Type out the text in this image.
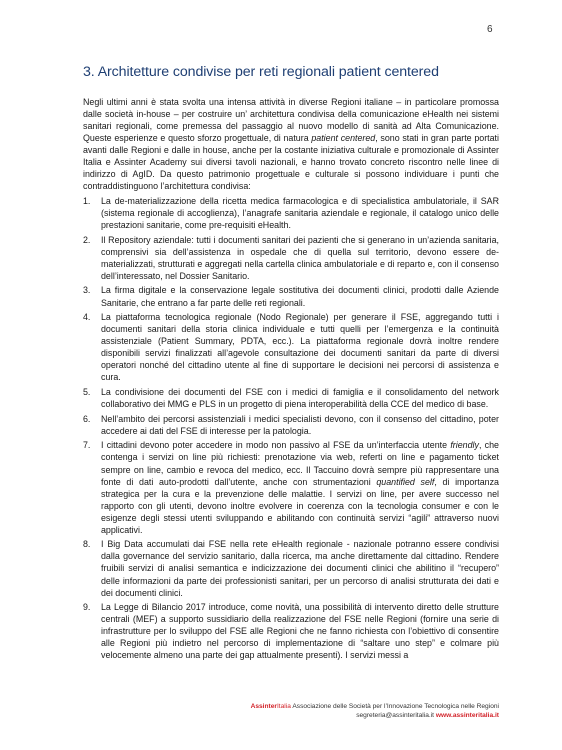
6
3. Architetture condivise per reti regionali patient centered

Negli ultimi anni è stata svolta una intensa attività in diverse Regioni italiane – in particolare promossa dalle società in-house – per costruire un’ architettura condivisa della comunicazione eHealth nei sistemi sanitari regionali, come premessa del passaggio al nuovo modello di sanità ad Alta Comunicazione. Queste esperienze e questo sforzo progettuale, di natura patient centered, sono stati in gran parte portati avanti dalle Regioni e dalle in house, anche per la costante iniziativa culturale e promozionale di Assinter Italia e Assinter Academy sui diversi tavoli nazionali, e hanno trovato concreto riscontro nelle linee di indirizzo di AgID. Da questo patrimonio progettuale e culturale si possono individuare i punti che contraddistinguono l’architettura condivisa:

1. La de-materializzazione della ricetta medica farmacologica e di specialistica ambulatoriale, il SAR (sistema regionale di accoglienza), l’anagrafe sanitaria aziendale e regionale, il catalogo unico delle prestazioni sanitarie, come pre-requisiti eHealth.
2. Il Repository aziendale: tutti i documenti sanitari dei pazienti che si generano in un’azienda sanitaria, comprensivi sia dell’assistenza in ospedale che di quella sul territorio, devono essere de-materializzati, strutturati e aggregati nella cartella clinica ambulatoriale e di reparto e, con il consenso dell’interessato, nel Dossier Sanitario.
3. La firma digitale e la conservazione legale sostitutiva dei documenti clinici, prodotti dalle Aziende Sanitarie, che entrano a far parte delle reti regionali.
4. La piattaforma tecnologica regionale (Nodo Regionale) per generare il FSE, aggregando tutti i documenti sanitari della storia clinica individuale e tutti quelli per l’emergenza e la continuità assistenziale (Patient Summary, PDTA, ecc.). La piattaforma regionale dovrà inoltre rendere disponibili servizi finalizzati all’agevole consultazione dei documenti sanitari da parte di diversi operatori nonché del cittadino utente al fine di supportare le decisioni nei percorsi di assistenza e cura.
5. La condivisione dei documenti del FSE con i medici di famiglia e il consolidamento del network collaborativo dei MMG e PLS in un progetto di piena interoperabilità della CCE del medico di base.
6. Nell’ambito dei percorsi assistenziali i medici specialisti devono, con il consenso del cittadino, poter accedere ai dati del FSE di interesse per la patologia.
7. I cittadini devono poter accedere in modo non passivo al FSE da un’interfaccia utente friendly, che contenga i servizi on line più richiesti: prenotazione via web, referti on line e pagamento ticket sempre on line, cambio e revoca del medico, ecc. Il Taccuino dovrà sempre più rappresentare una fonte di dati auto-prodotti dall’utente, anche con strumentazioni quantified self, di importanza strategica per la cura e la prevenzione delle malattie. I servizi on line, per avere successo nel rapporto con gli utenti, devono inoltre evolvere in coerenza con la tecnologia consumer e con le esigenze degli stessi utenti sviluppando e abilitando con continuità servizi “agili” attraverso nuovi applicativi.
8. I Big Data accumulati dai FSE nella rete eHealth regionale - nazionale potranno essere condivisi dalla governance del servizio sanitario, dalla ricerca, ma anche direttamente dal cittadino. Rendere fruibili servizi di analisi semantica e indicizzazione dei documenti clinici che abilitino il “recupero” delle informazioni da parte dei professionisti sanitari, per un percorso di analisi strutturata dei dati e dei documenti clinici.
9. La Legge di Bilancio 2017 introduce, come novità, una possibilità di intervento diretto delle strutture centrali (MEF) a supporto sussidiario della realizzazione del FSE nelle Regioni (fornire una serie di infrastrutture per lo sviluppo del FSE alle Regioni che ne fanno richiesta con l’obiettivo di consentire alle Regioni più indietro nel percorso di implementazione di “saltare uno step” e colmare più velocemente almeno una parte dei gap attualmente presenti). I servizi messi a
AssinterItalia Associazione delle Società per l’Innovazione Tecnologica nelle Regioni
segreteria@assinteritalia.it www.assinteritalia.it
